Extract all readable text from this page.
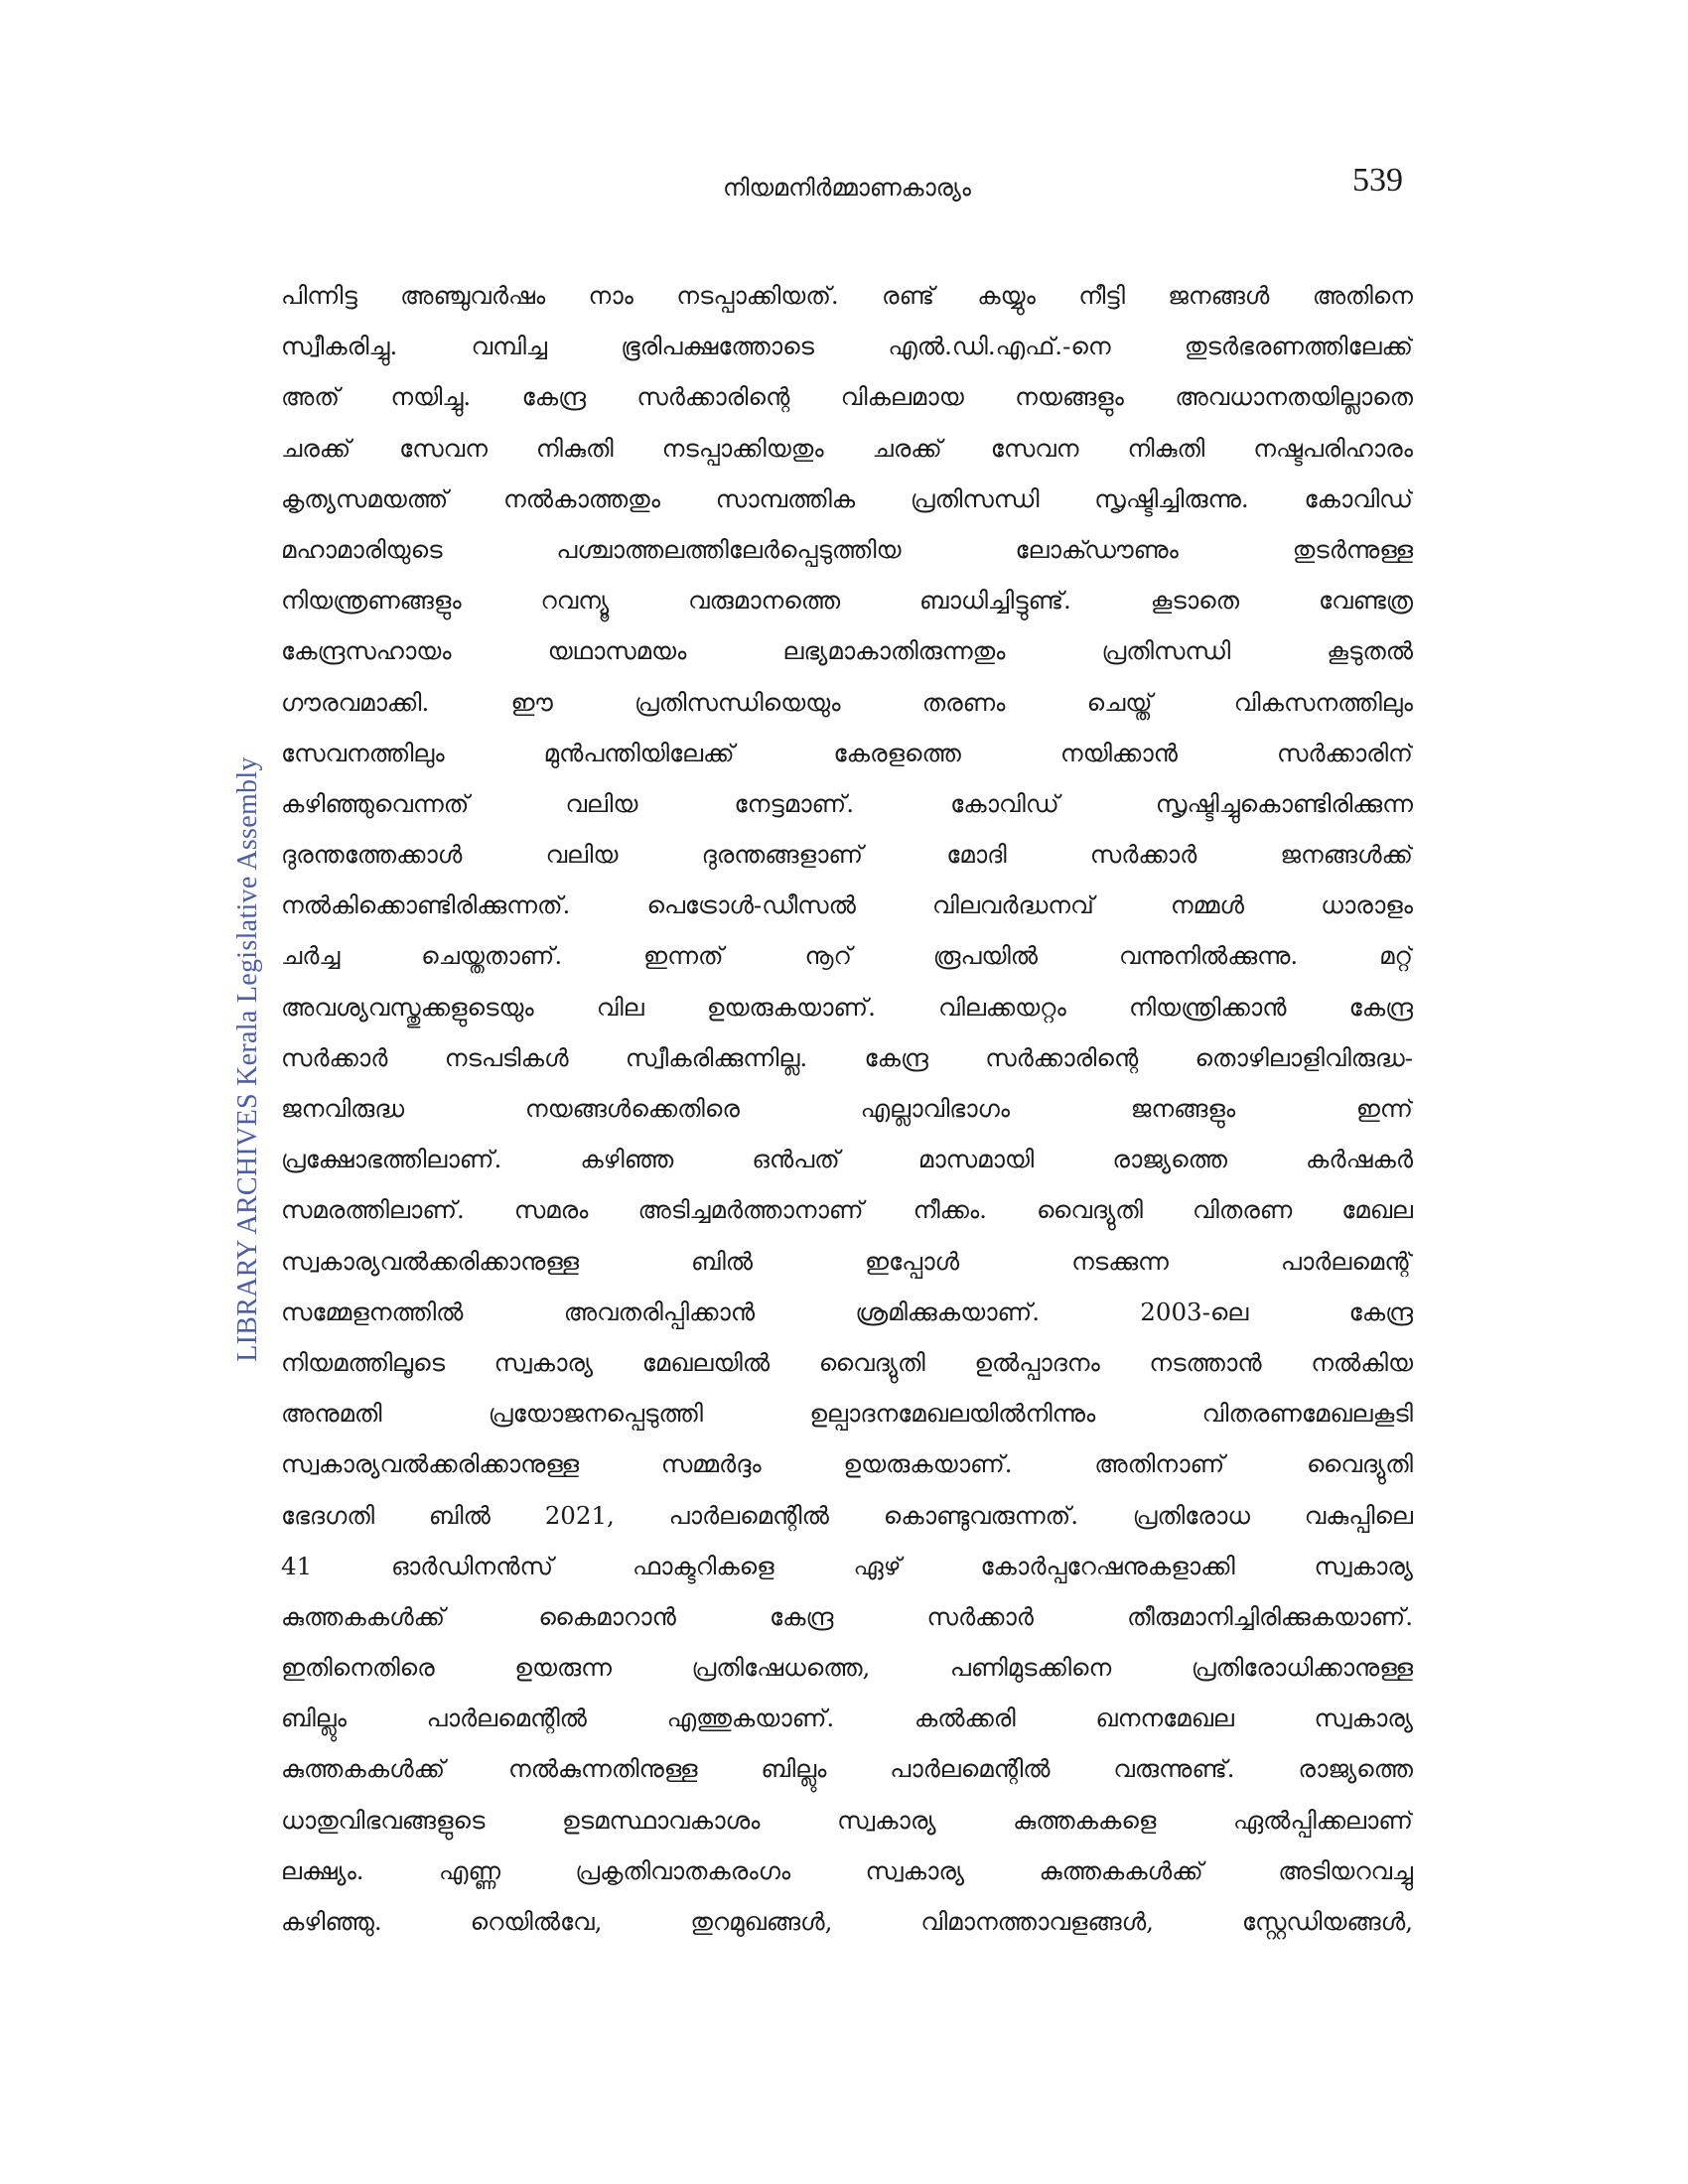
നിയമനിർമ്മാണകാര്യം	539
LIBRARY ARCHIVES Kerala Legislative Assembly
പിന്നിട്ട അഞ്ചുവർഷം നാം നടപ്പാക്കിയത്. രണ്ട് കയ്യും നീട്ടി ജനങ്ങൾ അതിനെ
സ്വീകരിച്ചു. വമ്പിച്ച ഭൂരിപക്ഷത്തോടെ എൽ.ഡി.എഫ്.-നെ തുടർഭരണത്തിലേക്ക്
അത് നയിച്ചു. കേന്ദ്ര സർക്കാരിന്റെ വികലമായ നയങ്ങളും അവധാനതയില്ലാതെ
ചരക്ക് സേവന നികുതി നടപ്പാക്കിയതും ചരക്ക് സേവന നികുതി നഷ്ടപരിഹാരം
കൃത്യസമയത്ത് നൽകാത്തതും സാമ്പത്തിക പ്രതിസന്ധി സൃഷ്ടിച്ചിരുന്നു. കോവിഡ്
മഹാമാരിയുടെ പശ്ചാത്തലത്തിലേർപ്പെടുത്തിയ ലോക്ഡൗണും തുടർന്നുള്ള
നിയന്ത്രണങ്ങളും റവന്യൂ വരുമാനത്തെ ബാധിച്ചിട്ടുണ്ട്. കൂടാതെ വേണ്ടത്ര
കേന്ദ്രസഹായം യഥാസമയം ലഭ്യമാകാതിരുന്നതും പ്രതിസന്ധി കൂടുതൽ
ഗൗരവമാക്കി. ഈ പ്രതിസന്ധിയെയും തരണം ചെയ്ത് വികസനത്തിലും
സേവനത്തിലും മുൻപന്തിയിലേക്ക് കേരളത്തെ നയിക്കാൻ സർക്കാരിന്
കഴിഞ്ഞുവെന്നത് വലിയ നേട്ടമാണ്. കോവിഡ് സൃഷ്ടിച്ചുകൊണ്ടിരിക്കുന്ന
ദുരന്തത്തേക്കാൾ വലിയ ദുരന്തങ്ങളാണ് മോദി സർക്കാർ ജനങ്ങൾക്ക്
നൽകിക്കൊണ്ടിരിക്കുന്നത്. പെട്രോൾ-ഡീസൽ വിലവർദ്ധനവ് നമ്മൾ ധാരാളം
ചർച്ച ചെയ്തതാണ്. ഇന്നത് നൂറ് രൂപയിൽ വന്നുനിൽക്കുന്നു. മറ്റ്
അവശ്യവസ്തുക്കളുടെയും വില ഉയരുകയാണ്. വിലക്കയറ്റം നിയന്ത്രിക്കാൻ കേന്ദ്ര
സർക്കാർ നടപടികൾ സ്വീകരിക്കുന്നില്ല. കേന്ദ്ര സർക്കാരിന്റെ തൊഴിലാളിവിരുദ്ധ-
ജനവിരുദ്ധ നയങ്ങൾക്കെതിരെ എല്ലാവിഭാഗം ജനങ്ങളും ഇന്ന്
പ്രക്ഷോഭത്തിലാണ്. കഴിഞ്ഞ ഒൻപത് മാസമായി രാജ്യത്തെ കർഷകർ
സമരത്തിലാണ്. സമരം അടിച്ചമർത്താനാണ് നീക്കം. വൈദ്യുതി വിതരണ മേഖല
സ്വകാര്യവൽക്കരിക്കാനുള്ള ബിൽ ഇപ്പോൾ നടക്കുന്ന പാർലമെന്റ്
സമ്മേളനത്തിൽ അവതരിപ്പിക്കാൻ ശ്രമിക്കുകയാണ്. 2003-ലെ കേന്ദ്ര
നിയമത്തിലൂടെ സ്വകാര്യ മേഖലയിൽ വൈദ്യുതി ഉൽപ്പാദനം നടത്താൻ നൽകിയ
അനുമതി പ്രയോജനപ്പെടുത്തി ഉല്പാദനമേഖലയിൽനിന്നും വിതരണമേഖലകൂടി
സ്വകാര്യവൽക്കരിക്കാനുള്ള സമ്മർദ്ദം ഉയരുകയാണ്. അതിനാണ് വൈദ്യുതി
ഭേദഗതി ബിൽ 2021, പാർലമെന്റിൽ കൊണ്ടുവരുന്നത്. പ്രതിരോധ വകുപ്പിലെ
41 ഓർഡിനൻസ് ഫാക്ടറികളെ ഏഴ് കോർപ്പറേഷനുകളാക്കി സ്വകാര്യ
കുത്തകകൾക്ക് കൈമാറാൻ കേന്ദ്ര സർക്കാർ തീരുമാനിച്ചിരിക്കുകയാണ്.
ഇതിനെതിരെ ഉയരുന്ന പ്രതിഷേധത്തെ, പണിമുടക്കിനെ പ്രതിരോധിക്കാനുള്ള
ബില്ലും പാർലമെന്റിൽ എത്തുകയാണ്. കൽക്കരി ഖനനമേഖല സ്വകാര്യ
കുത്തകകൾക്ക് നൽകുന്നതിനുള്ള ബില്ലും പാർലമെന്റിൽ വരുന്നുണ്ട്. രാജ്യത്തെ
ധാതുവിഭവങ്ങളുടെ ഉടമസ്ഥാവകാശം സ്വകാര്യ കുത്തകകളെ ഏൽപ്പിക്കലാണ്
ലക്ഷ്യം. എണ്ണ പ്രകൃതിവാതകരംഗം സ്വകാര്യ കുത്തകകൾക്ക് അടിയറവച്ചു
കഴിഞ്ഞു. റെയിൽവേ, തുറമുഖങ്ങൾ, വിമാനത്താവളങ്ങൾ, സ്റ്റേഡിയങ്ങൾ,
